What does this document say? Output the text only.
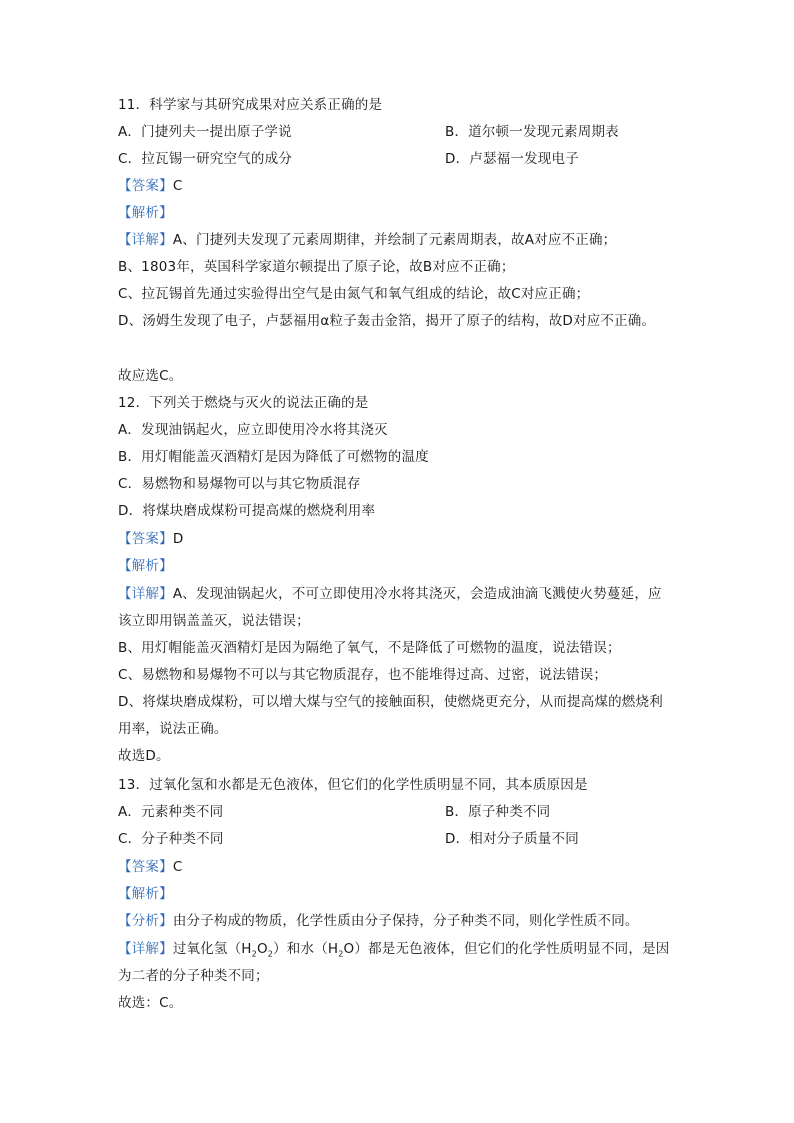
11．科学家与其研究成果对应关系正确的是
A．门捷列夫一提出原子学说	B．道尔顿一发现元素周期表
C．拉瓦锡一研究空气的成分	D．卢瑟福一发现电子
【答案】C
【解析】
【详解】A、门捷列夫发现了元素周期律，并绘制了元素周期表，故A对应不正确；
B、1803年，英国科学家道尔顿提出了原子论，故B对应不正确；
C、拉瓦锡首先通过实验得出空气是由氮气和氧气组成的结论，故C对应正确；
D、汤姆生发现了电子，卢瑟福用α粒子轰击金箔，揭开了原子的结构，故D对应不正确。
故应选C。
12．下列关于燃烧与灭火的说法正确的是
A．发现油锅起火，应立即使用冷水将其浇灭
B．用灯帽能盖灭酒精灯是因为降低了可燃物的温度
C．易燃物和易爆物可以与其它物质混存
D．将煤块磨成煤粉可提高煤的燃烧利用率
【答案】D
【解析】
【详解】A、发现油锅起火，不可立即使用冷水将其浇灭，会造成油滴飞溅使火势蔓延，应
该立即用锅盖盖灭，说法错误；
B、用灯帽能盖灭酒精灯是因为隔绝了氧气，不是降低了可燃物的温度，说法错误；
C、易燃物和易爆物不可以与其它物质混存，也不能堆得过高、过密，说法错误；
D、将煤块磨成煤粉，可以增大煤与空气的接触面积，使燃烧更充分，从而提高煤的燃烧利
用率，说法正确。
故选D。
13．过氧化氢和水都是无色液体，但它们的化学性质明显不同，其本质原因是
A．元素种类不同	B．原子种类不同
C．分子种类不同	D．相对分子质量不同
【答案】C
【解析】
【分析】由分子构成的物质，化学性质由分子保持，分子种类不同，则化学性质不同。
【详解】过氧化氢$(H_2O_2)$和水$(H_2O)$都是无色液体，但它们的化学性质明显不同，是因
为二者的分子种类不同；
故选：C。
